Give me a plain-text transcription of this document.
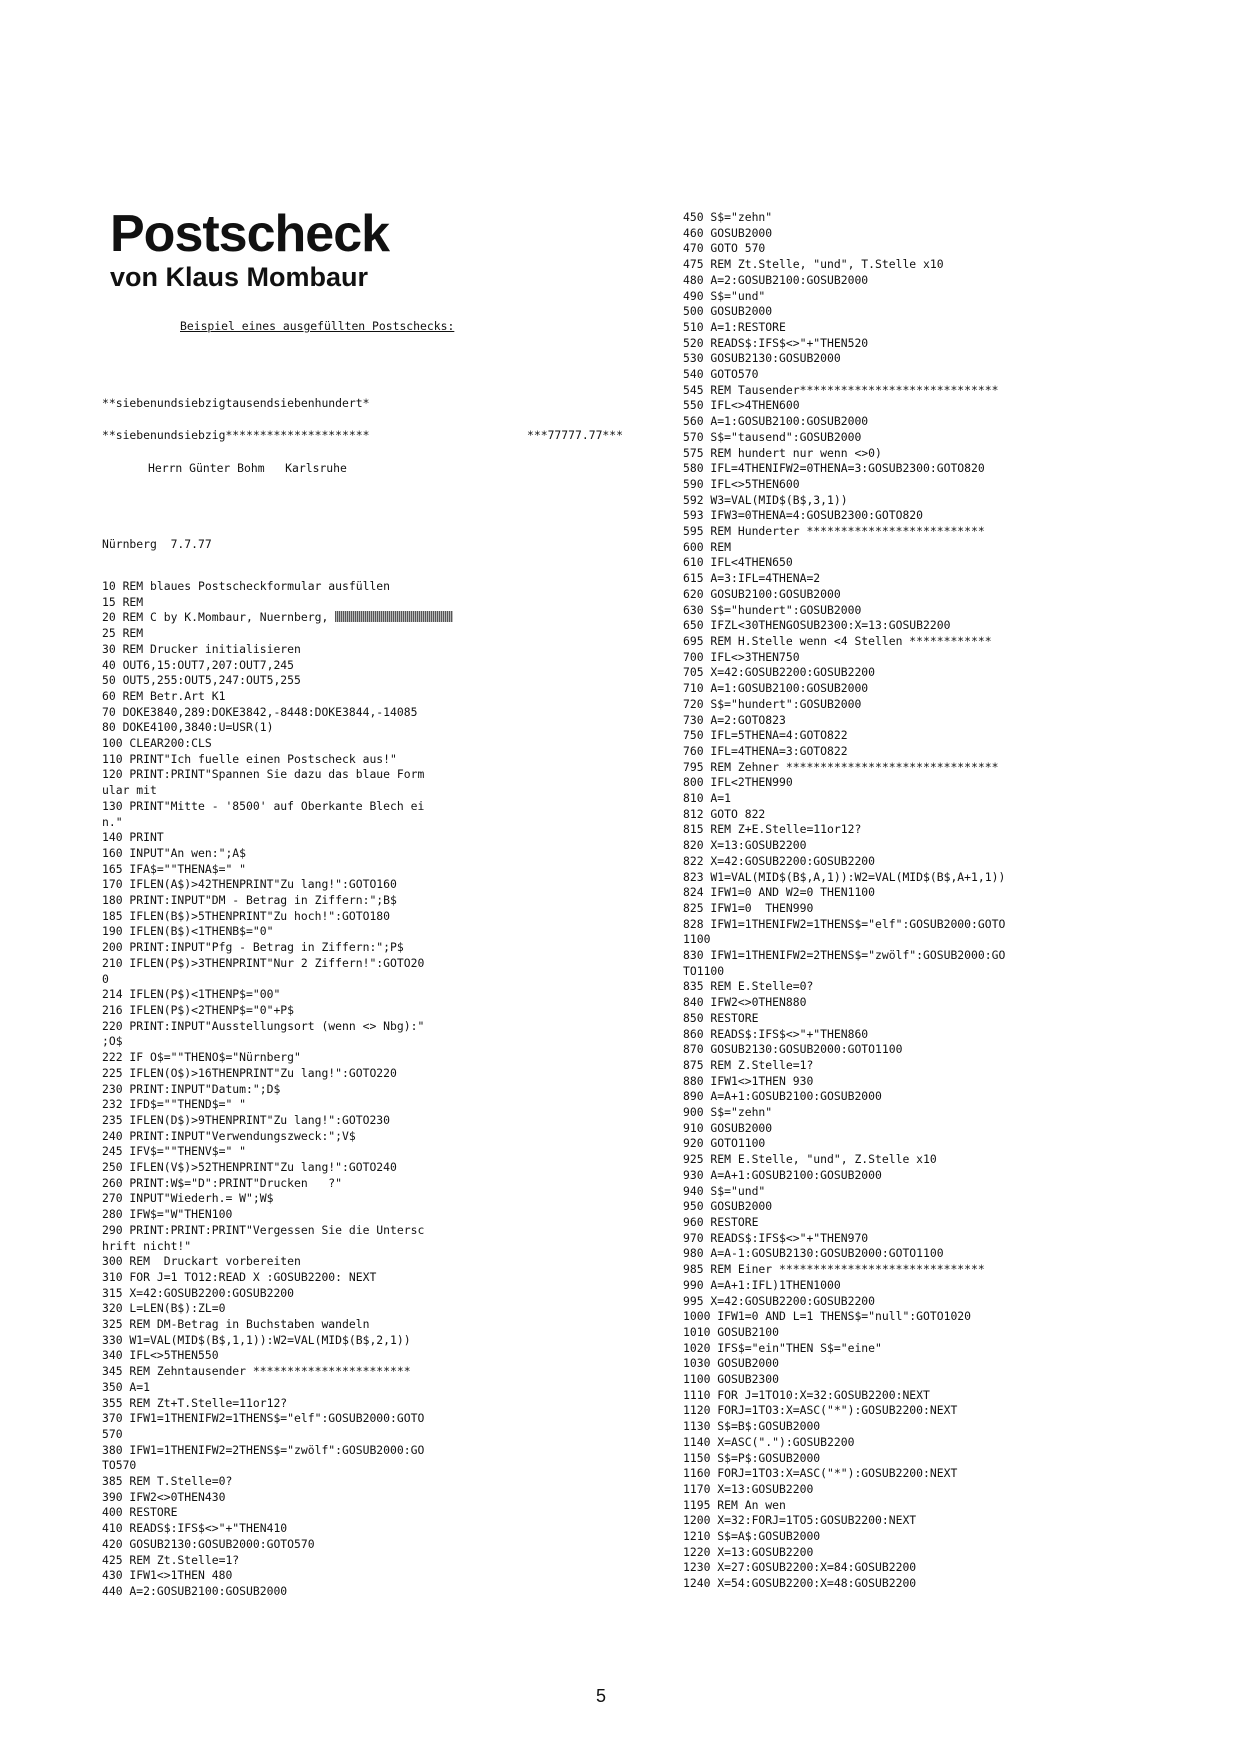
Postscheck
von Klaus Mombaur
Beispiel eines ausgefüllten Postschecks:
**siebenundsiebzigtausendsiebenhundert*
**siebenundsiebzig*********************	***77777.77***
Herrn Günter Bohm   Karlsruhe
Nürnberg  7.7.77
10 REM blaues Postscheckformular ausfüllen
15 REM
20 REM C by K.Mombaur, Nuernberg,
25 REM
30 REM Drucker initialisieren
40 OUT6,15:OUT7,207:OUT7,245
50 OUT5,255:OUT5,247:OUT5,255
60 REM Betr.Art K1
70 DOKE3840,289:DOKE3842,-8448:DOKE3844,-14085
80 DOKE4100,3840:U=USR(1)
100 CLEAR200:CLS
110 PRINT"Ich fuelle einen Postscheck aus!"
120 PRINT:PRINT"Spannen Sie dazu das blaue Form
ular mit
130 PRINT"Mitte - '8500' auf Oberkante Blech ei
n."
140 PRINT
160 INPUT"An wen:";A$
165 IFA$=""THENA$=" "
170 IFLEN(A$)>42THENPRINT"Zu lang!":GOTO160
180 PRINT:INPUT"DM - Betrag in Ziffern:";B$
185 IFLEN(B$)>5THENPRINT"Zu hoch!":GOTO180
190 IFLEN(B$)<1THENB$="0"
200 PRINT:INPUT"Pfg - Betrag in Ziffern:";P$
210 IFLEN(P$)>3THENPRINT"Nur 2 Ziffern!":GOTO20
0
214 IFLEN(P$)<1THENP$="00"
216 IFLEN(P$)<2THENP$="0"+P$
220 PRINT:INPUT"Ausstellungsort (wenn <> Nbg):"
;O$
222 IF O$=""THENO$="Nürnberg"
225 IFLEN(O$)>16THENPRINT"Zu lang!":GOTO220
230 PRINT:INPUT"Datum:";D$
232 IFD$=""THEND$=" "
235 IFLEN(D$)>9THENPRINT"Zu lang!":GOTO230
240 PRINT:INPUT"Verwendungszweck:";V$
245 IFV$=""THENV$=" "
250 IFLEN(V$)>52THENPRINT"Zu lang!":GOTO240
260 PRINT:W$="D":PRINT"Drucken   ?"
270 INPUT"Wiederh.= W";W$
280 IFW$="W"THEN100
290 PRINT:PRINT:PRINT"Vergessen Sie die Untersc
hrift nicht!"
300 REM  Druckart vorbereiten
310 FOR J=1 TO12:READ X :GOSUB2200: NEXT
315 X=42:GOSUB2200:GOSUB2200
320 L=LEN(B$):ZL=0
325 REM DM-Betrag in Buchstaben wandeln
330 W1=VAL(MID$(B$,1,1)):W2=VAL(MID$(B$,2,1))
340 IFL<>5THEN550
345 REM Zehntausender ***********************
350 A=1
355 REM Zt+T.Stelle=11or12?
370 IFW1=1THENIFW2=1THENS$="elf":GOSUB2000:GOTO
570
380 IFW1=1THENIFW2=2THENS$="zwölf":GOSUB2000:GO
TO570
385 REM T.Stelle=0?
390 IFW2<>0THEN430
400 RESTORE
410 READS$:IFS$<>"+"THEN410
420 GOSUB2130:GOSUB2000:GOTO570
425 REM Zt.Stelle=1?
430 IFW1<>1THEN 480
440 A=2:GOSUB2100:GOSUB2000
450 S$="zehn"
460 GOSUB2000
470 GOTO 570
475 REM Zt.Stelle, "und", T.Stelle x10
480 A=2:GOSUB2100:GOSUB2000
490 S$="und"
500 GOSUB2000
510 A=1:RESTORE
520 READS$:IFS$<>"+"THEN520
530 GOSUB2130:GOSUB2000
540 GOTO570
545 REM Tausender*****************************
550 IFL<>4THEN600
560 A=1:GOSUB2100:GOSUB2000
570 S$="tausend":GOSUB2000
575 REM hundert nur wenn <>0)
580 IFL=4THENIFW2=0THENA=3:GOSUB2300:GOTO820
590 IFL<>5THEN600
592 W3=VAL(MID$(B$,3,1))
593 IFW3=0THENA=4:GOSUB2300:GOTO820
595 REM Hunderter **************************
600 REM
610 IFL<4THEN650
615 A=3:IFL=4THENA=2
620 GOSUB2100:GOSUB2000
630 S$="hundert":GOSUB2000
650 IFZL<30THENGOSUB2300:X=13:GOSUB2200
695 REM H.Stelle wenn <4 Stellen ************
700 IFL<>3THEN750
705 X=42:GOSUB2200:GOSUB2200
710 A=1:GOSUB2100:GOSUB2000
720 S$="hundert":GOSUB2000
730 A=2:GOTO823
750 IFL=5THENA=4:GOTO822
760 IFL=4THENA=3:GOTO822
795 REM Zehner *******************************
800 IFL<2THEN990
810 A=1
812 GOTO 822
815 REM Z+E.Stelle=11or12?
820 X=13:GOSUB2200
822 X=42:GOSUB2200:GOSUB2200
823 W1=VAL(MID$(B$,A,1)):W2=VAL(MID$(B$,A+1,1))
824 IFW1=0 AND W2=0 THEN1100
825 IFW1=0  THEN990
828 IFW1=1THENIFW2=1THENS$="elf":GOSUB2000:GOTO
1100
830 IFW1=1THENIFW2=2THENS$="zwölf":GOSUB2000:GO
TO1100
835 REM E.Stelle=0?
840 IFW2<>0THEN880
850 RESTORE
860 READS$:IFS$<>"+"THEN860
870 GOSUB2130:GOSUB2000:GOTO1100
875 REM Z.Stelle=1?
880 IFW1<>1THEN 930
890 A=A+1:GOSUB2100:GOSUB2000
900 S$="zehn"
910 GOSUB2000
920 GOTO1100
925 REM E.Stelle, "und", Z.Stelle x10
930 A=A+1:GOSUB2100:GOSUB2000
940 S$="und"
950 GOSUB2000
960 RESTORE
970 READS$:IFS$<>"+"THEN970
980 A=A-1:GOSUB2130:GOSUB2000:GOTO1100
985 REM Einer ******************************
990 A=A+1:IFL)1THEN1000
995 X=42:GOSUB2200:GOSUB2200
1000 IFW1=0 AND L=1 THENS$="null":GOTO1020
1010 GOSUB2100
1020 IFS$="ein"THEN S$="eine"
1030 GOSUB2000
1100 GOSUB2300
1110 FOR J=1TO10:X=32:GOSUB2200:NEXT
1120 FORJ=1TO3:X=ASC("*"):GOSUB2200:NEXT
1130 S$=B$:GOSUB2000
1140 X=ASC("."):GOSUB2200
1150 S$=P$:GOSUB2000
1160 FORJ=1TO3:X=ASC("*"):GOSUB2200:NEXT
1170 X=13:GOSUB2200
1195 REM An wen
1200 X=32:FORJ=1TO5:GOSUB2200:NEXT
1210 S$=A$:GOSUB2000
1220 X=13:GOSUB2200
1230 X=27:GOSUB2200:X=84:GOSUB2200
1240 X=54:GOSUB2200:X=48:GOSUB2200
5
